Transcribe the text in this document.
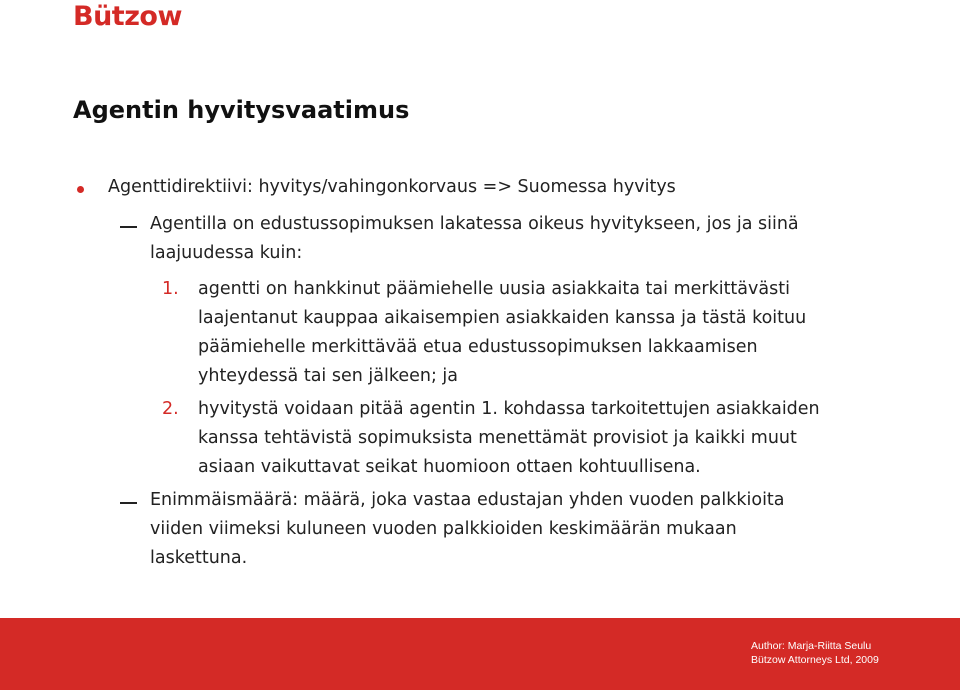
Bützow
Agentin hyvitysvaatimus
Agenttidirektiivi: hyvitys/vahingonkorvaus => Suomessa hyvitys
Agentilla on edustussopimuksen lakatessa oikeus hyvitykseen, jos ja siinä
laajuudessa kuin:
1. agentti on hankkinut päämiehelle uusia asiakkaita tai merkittävästi
laajentanut kauppaa aikaisempien asiakkaiden kanssa ja tästä koituu
päämiehelle merkittävää etua edustussopimuksen lakkaamisen
yhteydessä tai sen jälkeen; ja
2. hyvitystä voidaan pitää agentin 1. kohdassa tarkoitettujen asiakkaiden
kanssa tehtävistä sopimuksista menettämät provisiot ja kaikki muut
asiaan vaikuttavat seikat huomioon ottaen kohtuullisena.
Enimmäismäärä: määrä, joka vastaa edustajan yhden vuoden palkkioita
viiden viimeksi kuluneen vuoden palkkioiden keskimäärän mukaan
laskettuna.
Author: Marja-Riitta Seulu
Bützow Attorneys Ltd, 2009
